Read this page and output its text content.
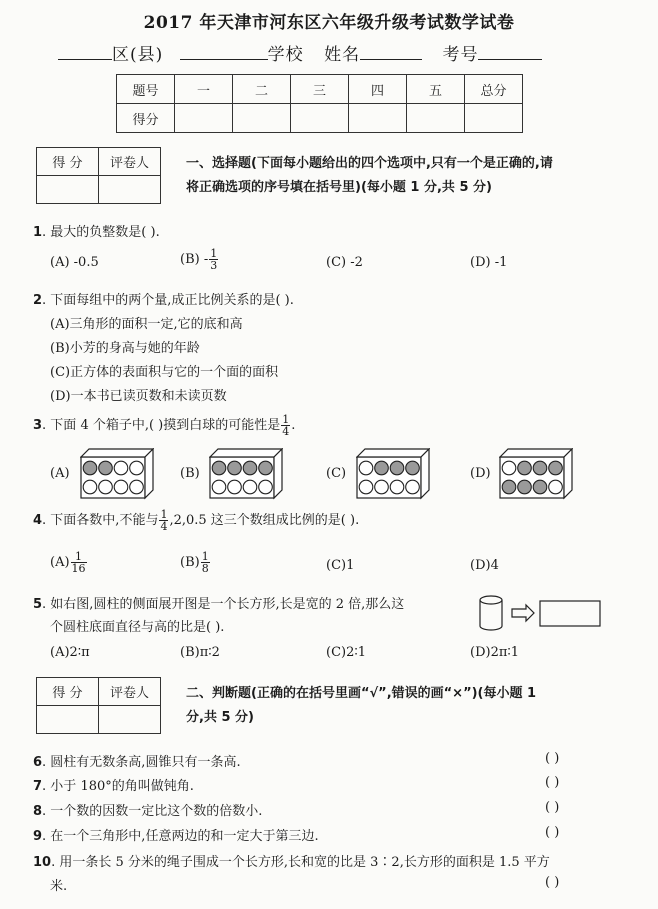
2017 年天津市河东区六年级升级考试数学试卷
区(县)	学校 姓名	考号
题号	一	二	三	四	五	总分
得分						
得 分	评卷人
		一、选择题(下面每小题给出的四个选项中,只有一个是正确的,请
将正确选项的序号填在括号里)(每小题 1 分,共 5 分)
1. 最大的负整数是( ).
(A) -0.5	$(B) - \frac{1}{3}$	(C) -2	(D) -1
2. 下面每组中的两个量,成正比例关系的是( ).
(A)三角形的面积一定,它的底和高
(B)小芳的身高与她的年龄
(C)正方体的表面积与它的一个面的面积
(D)一本书已读页数和未读页数
3. 下面 4 个箱子中,( )摸到白球的可能性是 $\frac{1}{4}$ .
(A)	(B)	(C)	(D)
4. 下面各数中,不能与 $\frac{1}{4} ,2,0.5$ 这三个数组成比例的是( ).
$(A) \frac{1}{16}$	$(B) \frac{1}{8}$	(C)1	(D)4
5. 如右图,圆柱的侧面展开图是一个长方形,长是宽的 2 倍,那么这
个圆柱底面直径与高的比是( ).
(A)2∶π	(B)π∶2	(C)2∶1	(D)2π∶1
得 分	评卷人
		二、判断题(正确的在括号里画“√”,错误的画“×”)(每小题 1
分,共 5 分)
6. 圆柱有无数条高,圆锥只有一条高.	( )
7. 小于 180°的角叫做钝角.	( )
8. 一个数的因数一定比这个数的倍数小.	( )
9. 在一个三角形中,任意两边的和一定大于第三边.	( )
10. 用一条长 5 分米的绳子围成一个长方形,长和宽的比是 3∶2,长方形的面积是 1.5 平方
米.	( )
